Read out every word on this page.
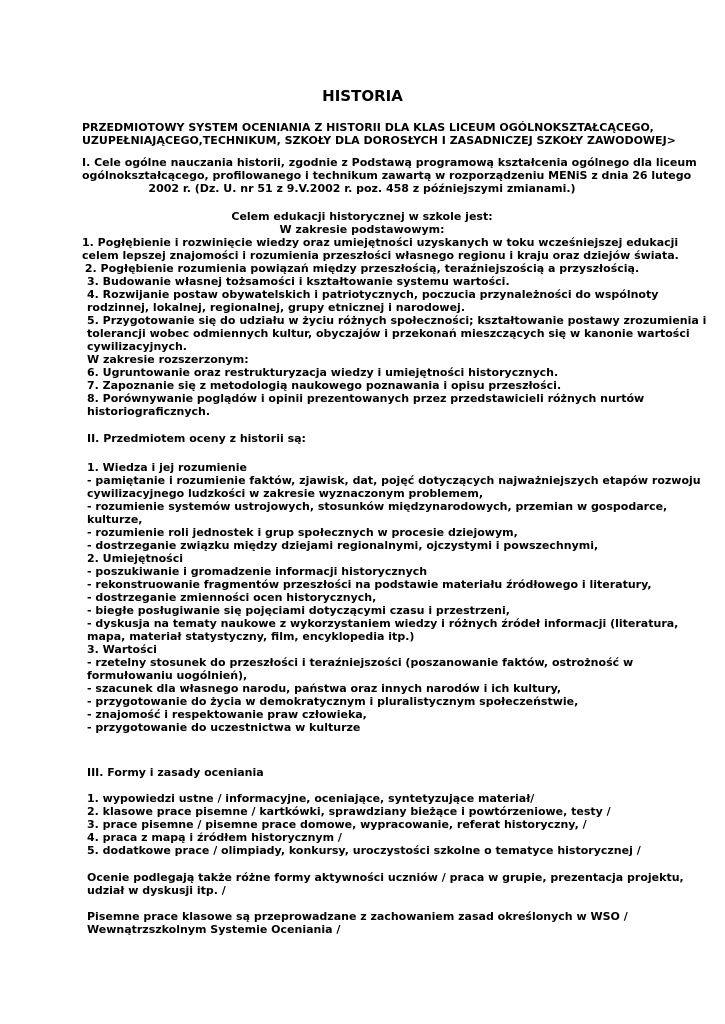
HISTORIA
PRZEDMIOTOWY SYSTEM OCENIANIA Z HISTORII DLA KLAS LICEUM OGÓLNOKSZTAŁCĄCEGO,
UZUPEŁNIAJĄCEGO,TECHNIKUM, SZKOŁY DLA DOROSŁYCH I ZASADNICZEJ SZKOŁY ZAWODOWEJ>
I. Cele ogólne nauczania historii, zgodnie z Podstawą programową kształcenia ogólnego dla liceum
ogólnokształcącego, profilowanego i technikum zawartą w rozporządzeniu MENiS z dnia 26 lutego
2002 r. (Dz. U. nr 51 z 9.V.2002 r. poz. 458 z późniejszymi zmianami.)
Celem edukacji historycznej w szkole jest:
W zakresie podstawowym:
1. Pogłębienie i rozwinięcie wiedzy oraz umiejętności uzyskanych w toku wcześniejszej edukacji
celem lepszej znajomości i rozumienia przeszłości własnego regionu i kraju oraz dziejów świata.
2. Pogłębienie rozumienia powiązań między przeszłością, teraźniejszością a przyszłością.
3. Budowanie własnej tożsamości i kształtowanie systemu wartości.
4. Rozwijanie postaw obywatelskich i patriotycznych, poczucia przynależności do wspólnoty
rodzinnej, lokalnej, regionalnej, grupy etnicznej i narodowej.
5. Przygotowanie się do udziału w życiu różnych społeczności; kształtowanie postawy zrozumienia i
tolerancji wobec odmiennych kultur, obyczajów i przekonań mieszczących się w kanonie wartości
cywilizacyjnych.
W zakresie rozszerzonym:
6. Ugruntowanie oraz restrukturyzacja wiedzy i umiejętności historycznych.
7. Zapoznanie się z metodologią naukowego poznawania i opisu przeszłości.
8. Porównywanie poglądów i opinii prezentowanych przez przedstawicieli różnych nurtów
historiograficznych.
II. Przedmiotem oceny z historii są:
1. Wiedza i jej rozumienie
- pamiętanie i rozumienie faktów, zjawisk, dat, pojęć dotyczących najważniejszych etapów rozwoju
cywilizacyjnego ludzkości w zakresie wyznaczonym problemem,
- rozumienie systemów ustrojowych, stosunków międzynarodowych, przemian w gospodarce,
kulturze,
- rozumienie roli jednostek i grup społecznych w procesie dziejowym,
- dostrzeganie związku między dziejami regionalnymi, ojczystymi i powszechnymi,
2. Umiejętności
- poszukiwanie i gromadzenie informacji historycznych
- rekonstruowanie fragmentów przeszłości na podstawie materiału źródłowego i literatury,
- dostrzeganie zmienności ocen historycznych,
- biegłe posługiwanie się pojęciami dotyczącymi czasu i przestrzeni,
- dyskusja na tematy naukowe z wykorzystaniem wiedzy i różnych źródeł informacji (literatura,
mapa, materiał statystyczny, film, encyklopedia itp.)
3. Wartości
- rzetelny stosunek do przeszłości i teraźniejszości (poszanowanie faktów, ostrożność w
formułowaniu uogólnień),
- szacunek dla własnego narodu, państwa oraz innych narodów i ich kultury,
- przygotowanie do życia w demokratycznym i pluralistycznym społeczeństwie,
- znajomość i respektowanie praw człowieka,
- przygotowanie do uczestnictwa w kulturze
III. Formy i zasady oceniania
1. wypowiedzi ustne / informacyjne, oceniające, syntetyzujące materiał/
2. klasowe prace pisemne / kartkówki, sprawdziany bieżące i powtórzeniowe, testy /
3. prace pisemne / pisemne prace domowe, wypracowanie, referat historyczny, /
4. praca z mapą i źródłem historycznym /
5. dodatkowe prace / olimpiady, konkursy, uroczystości szkolne o tematyce historycznej /
Ocenie podlegają także różne formy aktywności uczniów / praca w grupie, prezentacja projektu,
udział w dyskusji itp. /
Pisemne prace klasowe są przeprowadzane z zachowaniem zasad określonych w WSO /
Wewnątrzszkolnym Systemie Oceniania /
